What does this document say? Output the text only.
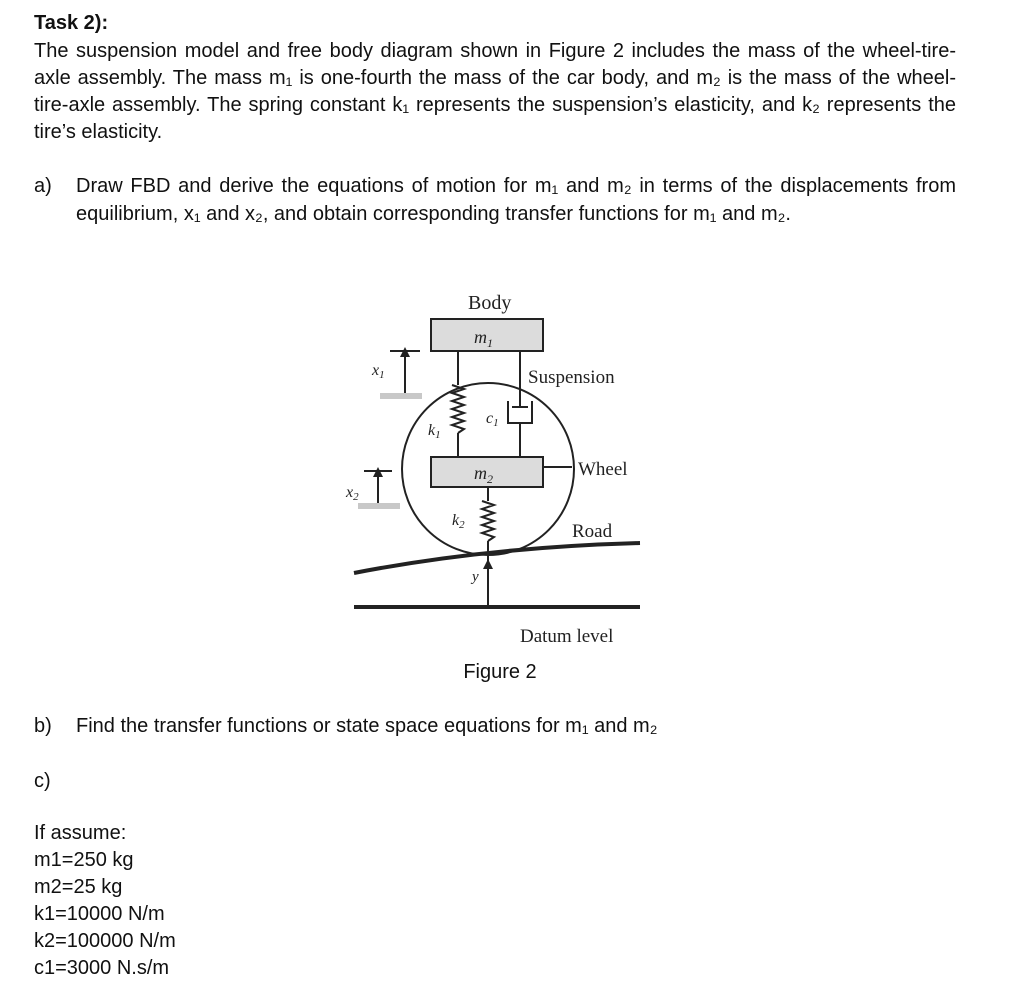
Task 2):

The suspension model and free body diagram shown in Figure 2 includes the mass of the wheel-tire-axle assembly. The mass m₁ is one-fourth the mass of the car body, and m₂ is the mass of the wheel-tire-axle assembly. The spring constant k₁ represents the suspension’s elasticity, and k₂ represents the tire’s elasticity.

a)	Draw FBD and derive the equations of motion for m₁ and m₂ in terms of the displacements from equilibrium, x₁ and x₂, and obtain corresponding transfer functions for m₁ and m₂.
Body
$m_1$
x1	Suspension
k1
c1
$m_2$	Wheel
x2
k2	Road
y
Datum level
Figure 2
b)	Find the transfer functions or state space equations for m₁ and m₂
c)
If assume:
m1=250 kg
m2=25 kg
k1=10000 N/m
k2=100000 N/m
c1=3000 N.s/m
